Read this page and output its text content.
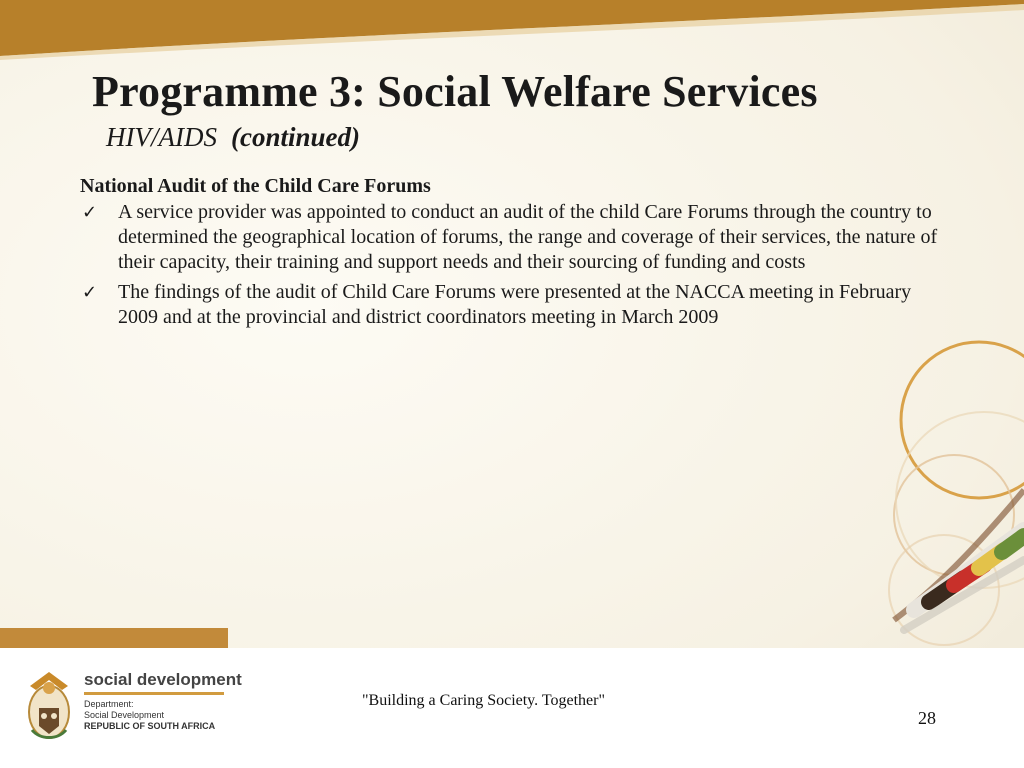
Programme 3: Social Welfare Services
HIV/AIDS (continued)
National Audit of the Child Care Forums
✓ A service provider was appointed to conduct an audit of the child Care Forums through the country to determined the geographical location of forums, the range and coverage of their services, the nature of their capacity, their training and support needs and their sourcing of funding and costs
✓ The findings of the audit of Child Care Forums were presented at the NACCA meeting in February 2009 and at the provincial and district coordinators meeting in March 2009
social development
Department:
Social Development
REPUBLIC OF SOUTH AFRICA
"Building a Caring Society. Together"
28
